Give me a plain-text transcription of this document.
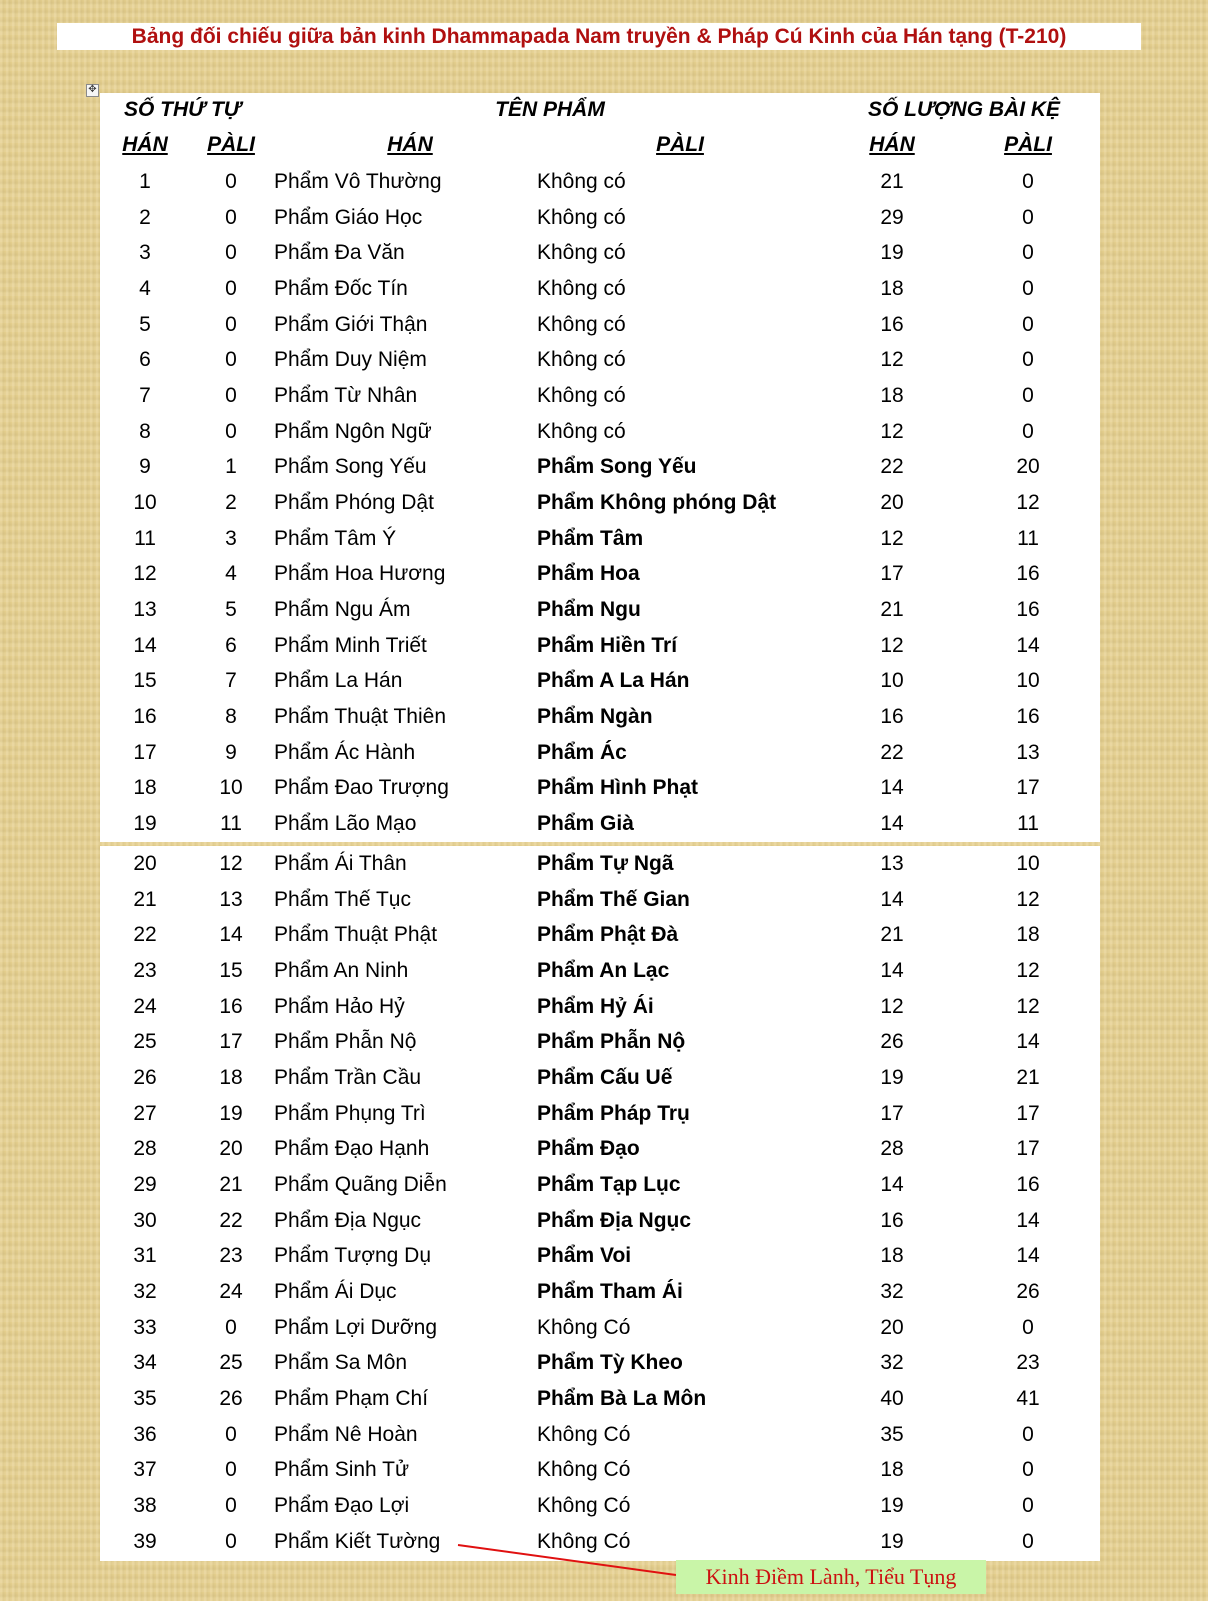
Bảng đối chiếu giữa bản kinh Dhammapada Nam truyền & Pháp Cú Kinh của Hán tạng (T-210)
✥
SỐ THỨ TỰ	TÊN PHẨM	SỐ LƯỢNG BÀI KỆ
HÁN	PÀLI	HÁN	PÀLI	HÁN	PÀLI
1	0	Phẩm Vô Thường	Không có	21	0
2	0	Phẩm Giáo Học	Không có	29	0
3	0	Phẩm Đa Văn	Không có	19	0
4	0	Phẩm Đốc Tín	Không có	18	0
5	0	Phẩm Giới Thận	Không có	16	0
6	0	Phẩm Duy Niệm	Không có	12	0
7	0	Phẩm Từ Nhân	Không có	18	0
8	0	Phẩm Ngôn Ngữ	Không có	12	0
9	1	Phẩm Song Yếu	Phẩm Song Yếu	22	20
10	2	Phẩm Phóng Dật	Phẩm Không phóng Dật	20	12
11	3	Phẩm Tâm Ý	Phẩm Tâm	12	11
12	4	Phẩm Hoa Hương	Phẩm Hoa	17	16
13	5	Phẩm Ngu Ám	Phẩm Ngu	21	16
14	6	Phẩm Minh Triết	Phẩm Hiền Trí	12	14
15	7	Phẩm La Hán	Phẩm A La Hán	10	10
16	8	Phẩm Thuật Thiên	Phẩm Ngàn	16	16
17	9	Phẩm Ác Hành	Phẩm Ác	22	13
18	10	Phẩm Đao Trượng	Phẩm Hình Phạt	14	17
19	11	Phẩm Lão Mạo	Phẩm Già	14	11
20	12	Phẩm Ái Thân	Phẩm Tự Ngã	13	10
21	13	Phẩm Thế Tục	Phẩm Thế Gian	14	12
22	14	Phẩm Thuật Phật	Phẩm Phật Đà	21	18
23	15	Phẩm An Ninh	Phẩm An Lạc	14	12
24	16	Phẩm Hảo Hỷ	Phẩm Hỷ Ái	12	12
25	17	Phẩm Phẫn Nộ	Phẩm Phẫn Nộ	26	14
26	18	Phẩm Trần Cầu	Phẩm Cấu Uế	19	21
27	19	Phẩm Phụng Trì	Phẩm Pháp Trụ	17	17
28	20	Phẩm Đạo Hạnh	Phẩm Đạo	28	17
29	21	Phẩm Quãng Diễn	Phẩm Tạp Lục	14	16
30	22	Phẩm Địa Ngục	Phẩm Địa Ngục	16	14
31	23	Phẩm Tượng Dụ	Phẩm Voi	18	14
32	24	Phẩm Ái Dục	Phẩm Tham Ái	32	26
33	0	Phẩm Lợi Dưỡng	Không Có	20	0
34	25	Phẩm Sa Môn	Phẩm Tỳ Kheo	32	23
35	26	Phẩm Phạm Chí	Phẩm Bà La Môn	40	41
36	0	Phẩm Nê Hoàn	Không Có	35	0
37	0	Phẩm Sinh Tử	Không Có	18	0
38	0	Phẩm Đạo Lợi	Không Có	19	0
39	0	Phẩm Kiết Tường	Không Có	19	0
Kinh Điềm Lành, Tiểu Tụng
